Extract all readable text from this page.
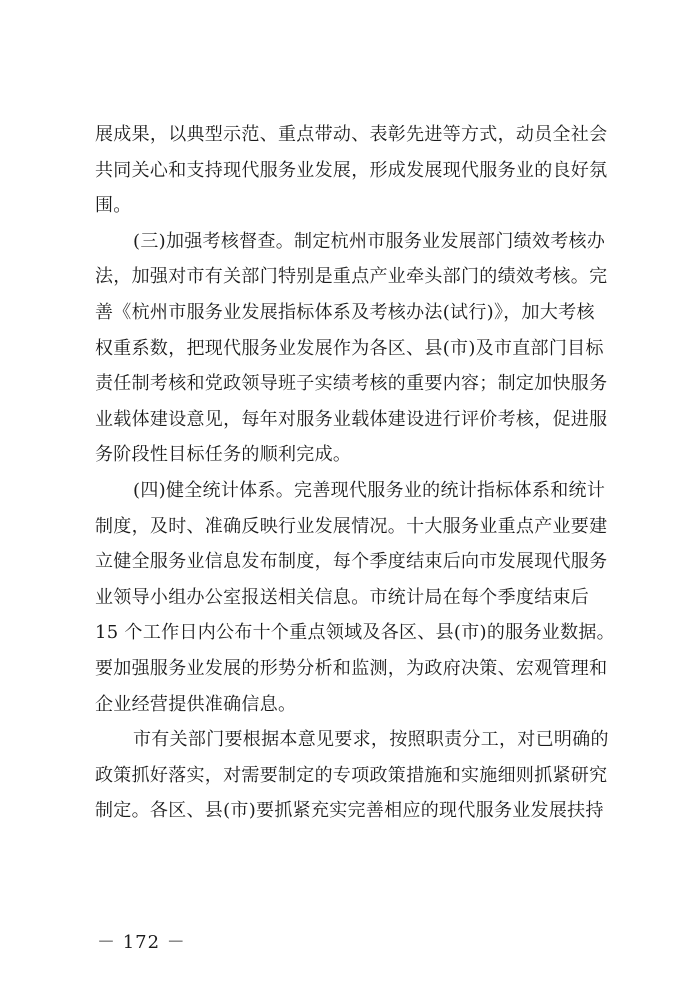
展成果，以典型示范、重点带动、表彰先进等方式，动员全社会
共同关心和支持现代服务业发展，形成发展现代服务业的良好氛
围。
(三)加强考核督查。制定杭州市服务业发展部门绩效考核办
法，加强对市有关部门特别是重点产业牵头部门的绩效考核。完
善《杭州市服务业发展指标体系及考核办法(试行)》，加大考核
权重系数，把现代服务业发展作为各区、县(市)及市直部门目标
责任制考核和党政领导班子实绩考核的重要内容；制定加快服务
业载体建设意见，每年对服务业载体建设进行评价考核，促进服
务阶段性目标任务的顺利完成。
(四)健全统计体系。完善现代服务业的统计指标体系和统计
制度，及时、准确反映行业发展情况。十大服务业重点产业要建
立健全服务业信息发布制度，每个季度结束后向市发展现代服务
业领导小组办公室报送相关信息。市统计局在每个季度结束后
15 个工作日内公布十个重点领域及各区、县(市)的服务业数据。
要加强服务业发展的形势分析和监测，为政府决策、宏观管理和
企业经营提供准确信息。
市有关部门要根据本意见要求，按照职责分工，对已明确的
政策抓好落实，对需要制定的专项政策措施和实施细则抓紧研究
制定。各区、县(市)要抓紧充实完善相应的现代服务业发展扶持
－ 172 －
